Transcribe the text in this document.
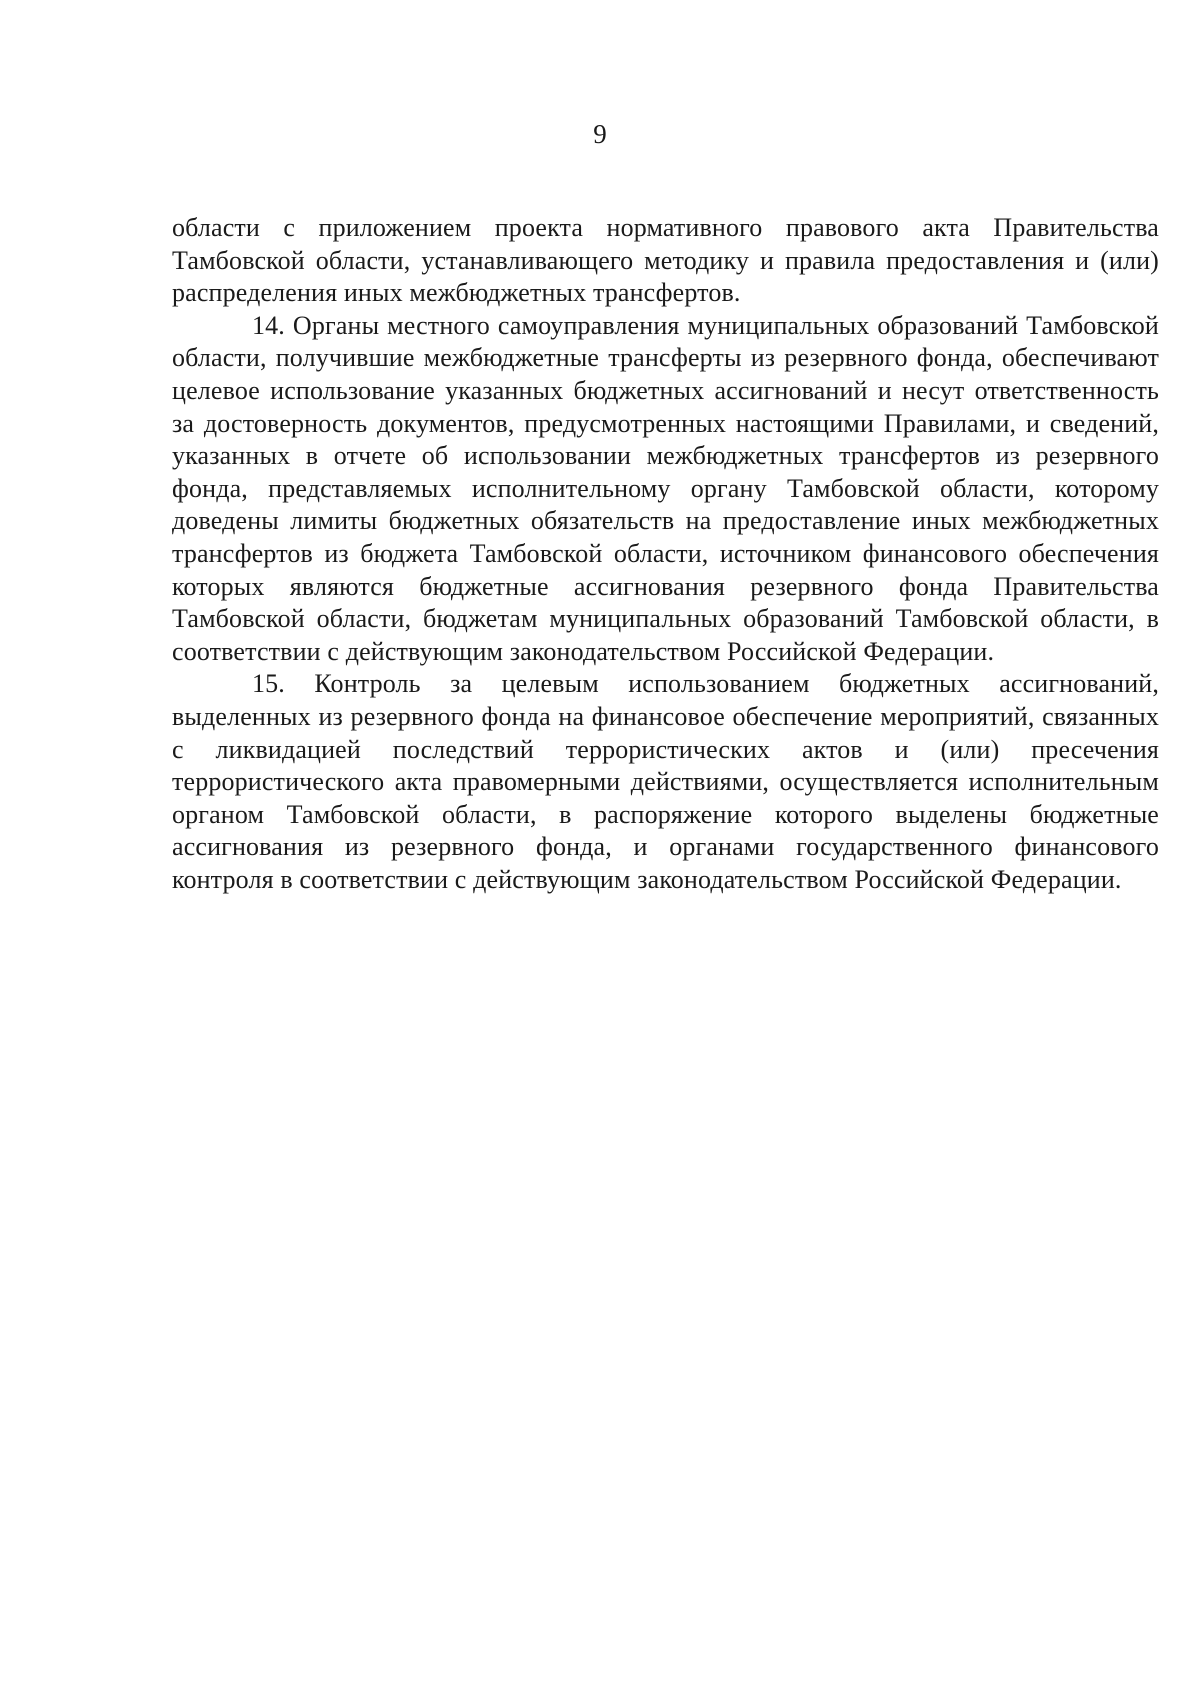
9

области с приложением проекта нормативного правового акта Правительства Тамбовской области, устанавливающего методику и правила предоставления и (или) распределения иных межбюджетных трансфертов.

14. Органы местного самоуправления муниципальных образований Тамбовской области, получившие межбюджетные трансферты из резервного фонда, обеспечивают целевое использование указанных бюджетных ассигнований и несут ответственность за достоверность документов, предусмотренных настоящими Правилами, и сведений, указанных в отчете об использовании межбюджетных трансфертов из резервного фонда, представляемых исполнительному органу Тамбовской области, которому доведены лимиты бюджетных обязательств на предоставление иных межбюджетных трансфертов из бюджета Тамбовской области, источником финансового обеспечения которых являются бюджетные ассигнования резервного фонда Правительства Тамбовской области, бюджетам муниципальных образований Тамбовской области, в соответствии с действующим законодательством Российской Федерации.

15. Контроль за целевым использованием бюджетных ассигнований, выделенных из резервного фонда на финансовое обеспечение мероприятий, связанных с ликвидацией последствий террористических актов и (или) пресечения террористического акта правомерными действиями, осуществляется исполнительным органом Тамбовской области, в распоряжение которого выделены бюджетные ассигнования из резервного фонда, и органами государственного финансового контроля в соответствии с действующим законодательством Российской Федерации.
